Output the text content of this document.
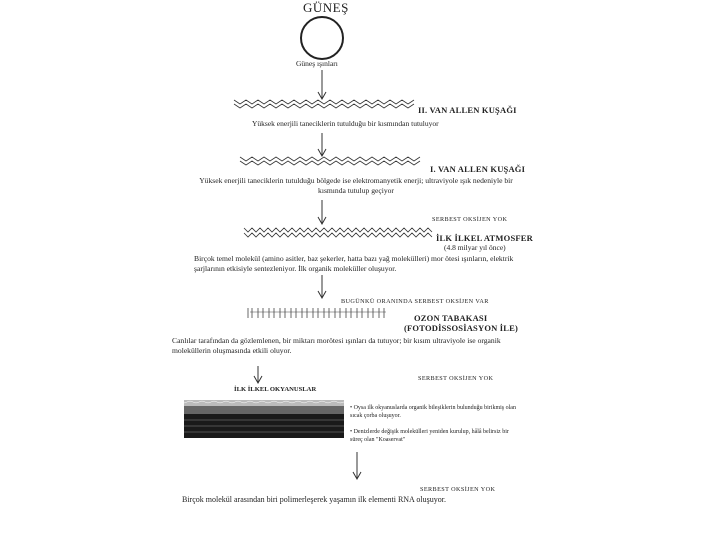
GÜNEŞ
Güneş ışınları
II. VAN ALLEN KUŞAĞI
Yüksek enerjili taneciklerin tutulduğu bir kısmından tutuluyor
I. VAN ALLEN KUŞAĞI
Yüksek enerjili taneciklerin tutulduğu bölgede ise elektromanyetik enerji; ultraviyole ışık nedeniyle bir kısmında tutulup geçiyor
SERBEST OKSİJEN YOK
İLK İLKEL ATMOSFER
(4.8 milyar yıl önce)
Birçok temel molekül (amino asitler, baz şekerler, hatta bazı yağ molekülleri) mor ötesi ışınların, elektrik şarjlarının etkisiyle sentezleniyor. İlk organik moleküller oluşuyor.
BUGÜNKÜ ORANINDA SERBEST OKSİJEN VAR
OZON TABAKASI
(FOTODİSSOSİASYON İLE)
Canlılar tarafından da gözlemlenen, bir miktarı morötesi ışınları da tutuyor; bir kısım ultraviyole ise organik moleküllerin oluşmasında etkili oluyor.
İLK İLKEL OKYANUSLAR
SERBEST OKSİJEN YOK
• Oysa ilk okyanuslarda organik bileşiklerin bulunduğu birikmiş olan sıcak çorba oluşuyor.
• Denizlerde değişik molekülleri yeniden kurulup, hâlâ belirsiz bir süreç olan "Koaservat"
SERBEST OKSİJEN YOK
Birçok molekül arasından biri polimerleşerek yaşamın ilk elementi RNA oluşuyor.
